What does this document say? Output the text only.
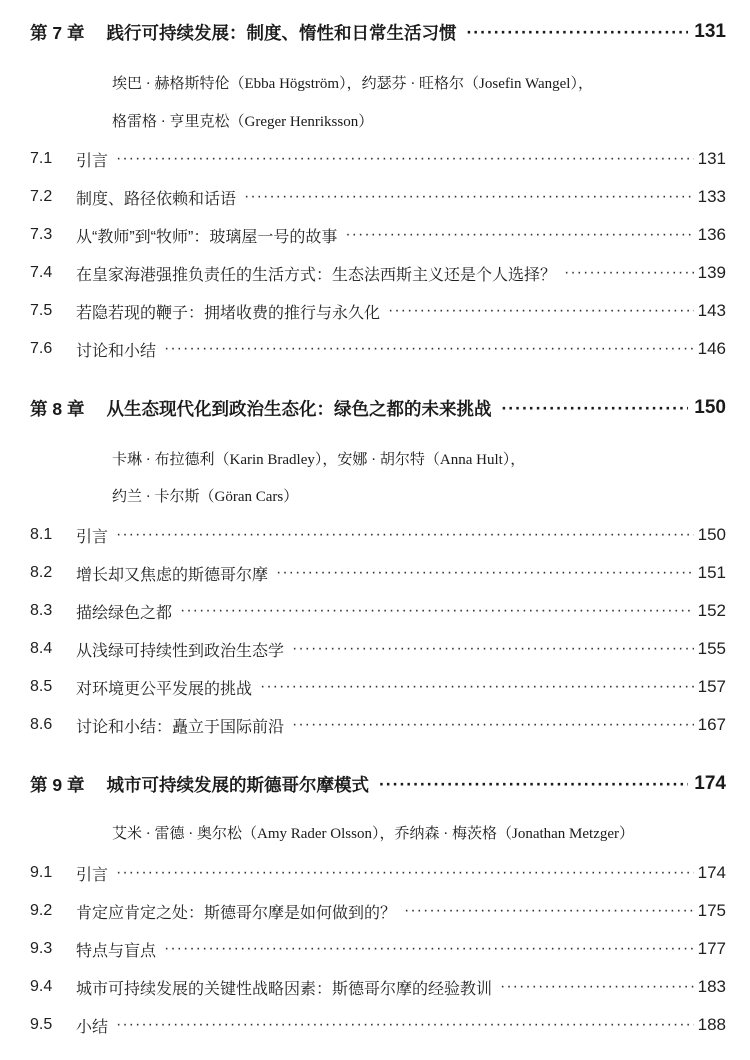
第 7 章 践行可持续发展：制度、惰性和日常生活习惯 ·····	131
埃巴 · 赫格斯特伦（Ebba Högström），约瑟芬 · 旺格尔（Josefin Wangel），
格雷格 · 亨里克松（Greger Henriksson）
7.1	引言 ·····	131
7.2	制度、路径依赖和话语 ·····	133
7.3	从“教师”到“牧师”：玻璃屋一号的故事 ·····	136
7.4	在皇家海港强推负责任的生活方式：生态法西斯主义还是个人选择？ ·····	139
7.5	若隐若现的鞭子：拥堵收费的推行与永久化 ·····	143
7.6	讨论和小结 ·····	146
第 8 章 从生态现代化到政治生态化：绿色之都的未来挑战 ·····	150
卡琳 · 布拉德利（Karin Bradley），安娜 · 胡尔特（Anna Hult），
约兰 · 卡尔斯（Göran Cars）
8.1	引言 ·····	150
8.2	增长却又焦虑的斯德哥尔摩 ·····	151
8.3	描绘绿色之都 ·····	152
8.4	从浅绿可持续性到政治生态学 ·····	155
8.5	对环境更公平发展的挑战 ·····	157
8.6	讨论和小结：矗立于国际前沿 ·····	167
第 9 章 城市可持续发展的斯德哥尔摩模式 ·····	174
艾米 · 雷德 · 奥尔松（Amy Rader Olsson），乔纳森 · 梅茨格（Jonathan Metzger）
9.1	引言 ·····	174
9.2	肯定应肯定之处：斯德哥尔摩是如何做到的？ ·····	175
9.3	特点与盲点 ·····	177
9.4	城市可持续发展的关键性战略因素：斯德哥尔摩的经验教训 ·····	183
9.5	小结 ·····	188
